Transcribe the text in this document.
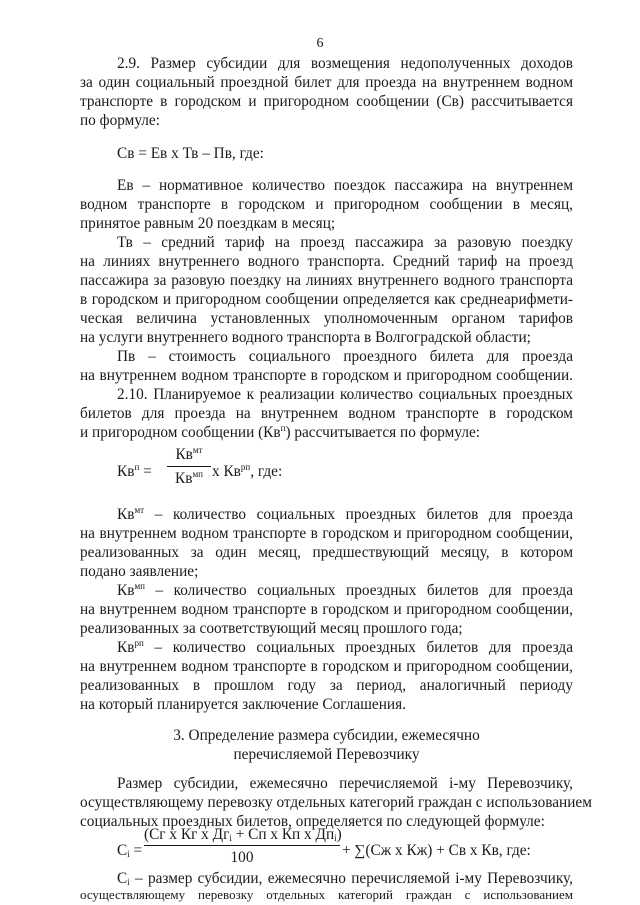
6
2.9. Размер субсидии для возмещения недополученных доходов
за один социальный проездной билет для проезда на внутреннем водном
транспорте в городском и пригородном сообщении (Св) рассчитывается
по формуле:
Св = Ев х Тв – Пв, где:
Ев – нормативное количество поездок пассажира на внутреннем
водном транспорте в городском и пригородном сообщении в месяц,
принятое равным 20 поездкам в месяц;
Тв – средний тариф на проезд пассажира за разовую поездку
на линиях внутреннего водного транспорта. Средний тариф на проезд
пассажира за разовую поездку на линиях внутреннего водного транспорта
в городском и пригородном сообщении определяется как среднеарифмети-
ческая величина установленных уполномоченным органом тарифов
на услуги внутреннего водного транспорта в Волгоградской области;
Пв – стоимость социального проездного билета для проезда
на внутреннем водном транспорте в городском и пригородном сообщении.
2.10. Планируемое к реализации количество социальных проездных
билетов для проезда на внутреннем водном транспорте в городском
и пригородном сообщении $(Кв^п)$ рассчитывается по формуле:
$Кв^п$ =
$Кв^{мт}$
$Кв^{мп}$ х $Кв^{рп}$, где:
$Кв^{мт}$ – количество социальных проездных билетов для проезда
на внутреннем водном транспорте в городском и пригородном сообщении,
реализованных за один месяц, предшествующий месяцу, в котором
подано заявление;
$Кв^{мп}$ – количество социальных проездных билетов для проезда
на внутреннем водном транспорте в городском и пригородном сообщении,
реализованных за соответствующий месяц прошлого года;
$Кв^{рп}$ – количество социальных проездных билетов для проезда
на внутреннем водном транспорте в городском и пригородном сообщении,
реализованных в прошлом году за период, аналогичный периоду
на который планируется заключение Соглашения.
3. Определение размера субсидии, ежемесячно
перечисляемой Перевозчику
Размер субсидии, ежемесячно перечисляемой i-му Перевозчику,
осуществляющему перевозку отдельных категорий граждан с использованием
социальных проездных билетов, определяется по следующей формуле:
$C_i$ =
(Сг х Кг х $Дг_i$ + Сп х Кп х $Дп_i$)
100	+ ∑(Сж х Кж) + Св х Кв, где:
$C_i$ – размер субсидии, ежемесячно перечисляемой i-му Перевозчику,
осуществляющему перевозку отдельных категорий граждан с использованием
социальных проездных билетов;
